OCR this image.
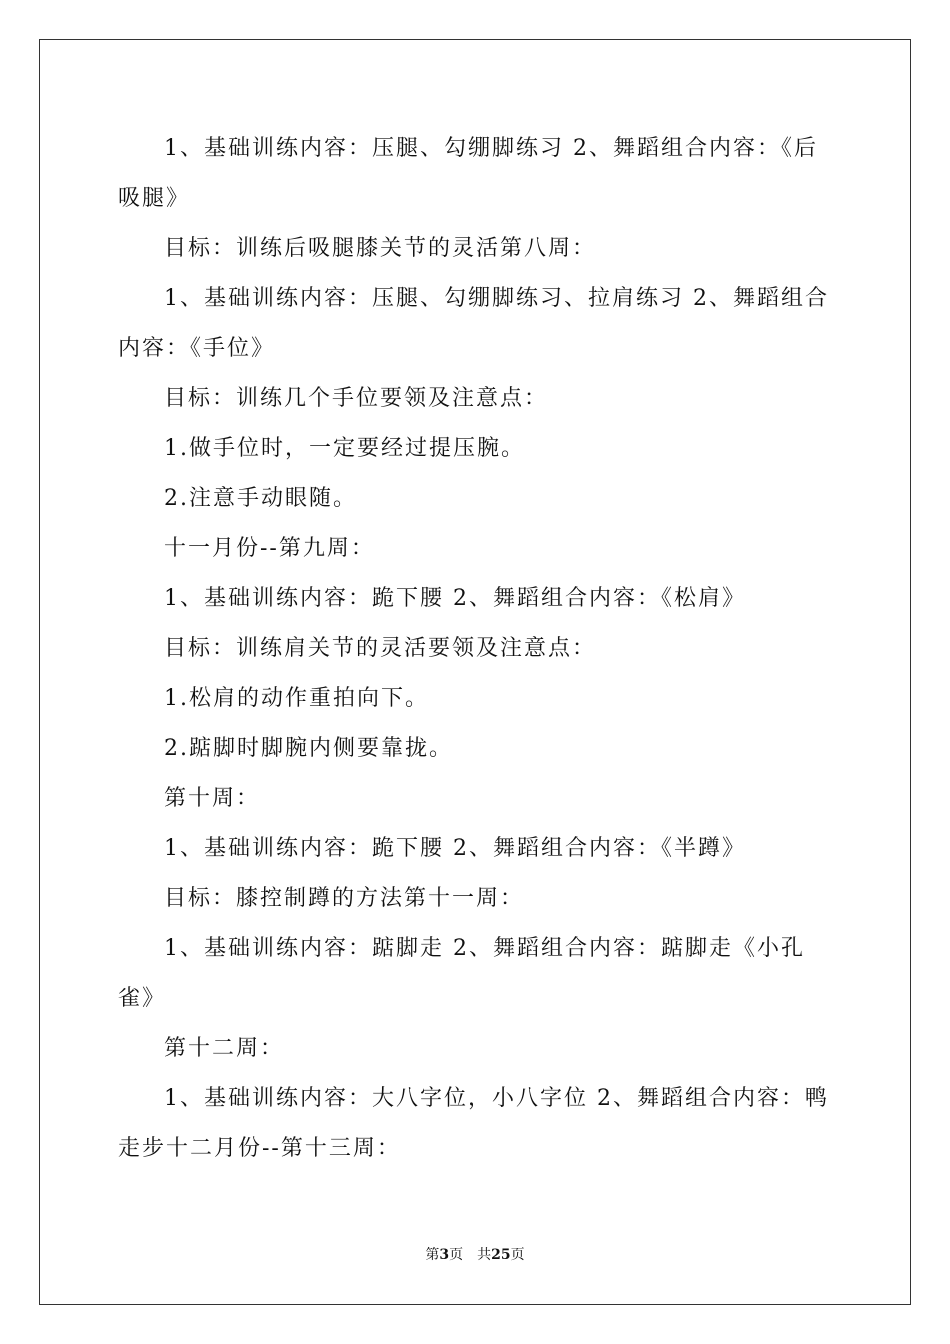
1、基础训练内容：压腿、勾绷脚练习 2、舞蹈组合内容：《后吸腿》

目标：训练后吸腿膝关节的灵活第八周：

1、基础训练内容：压腿、勾绷脚练习、拉肩练习 2、舞蹈组合内容：《手位》

目标：训练几个手位要领及注意点：

1.做手位时，一定要经过提压腕。

2.注意手动眼随。

十一月份--第九周：

1、基础训练内容：跪下腰 2、舞蹈组合内容：《松肩》

目标：训练肩关节的灵活要领及注意点：

1.松肩的动作重拍向下。

2.踮脚时脚腕内侧要靠拢。

第十周：

1、基础训练内容：跪下腰 2、舞蹈组合内容：《半蹲》

目标：膝控制蹲的方法第十一周：

1、基础训练内容：踮脚走 2、舞蹈组合内容：踮脚走《小孔雀》

第十二周：

1、基础训练内容：大八字位，小八字位 2、舞蹈组合内容：鸭走步十二月份--第十三周：

第3页　共25页
